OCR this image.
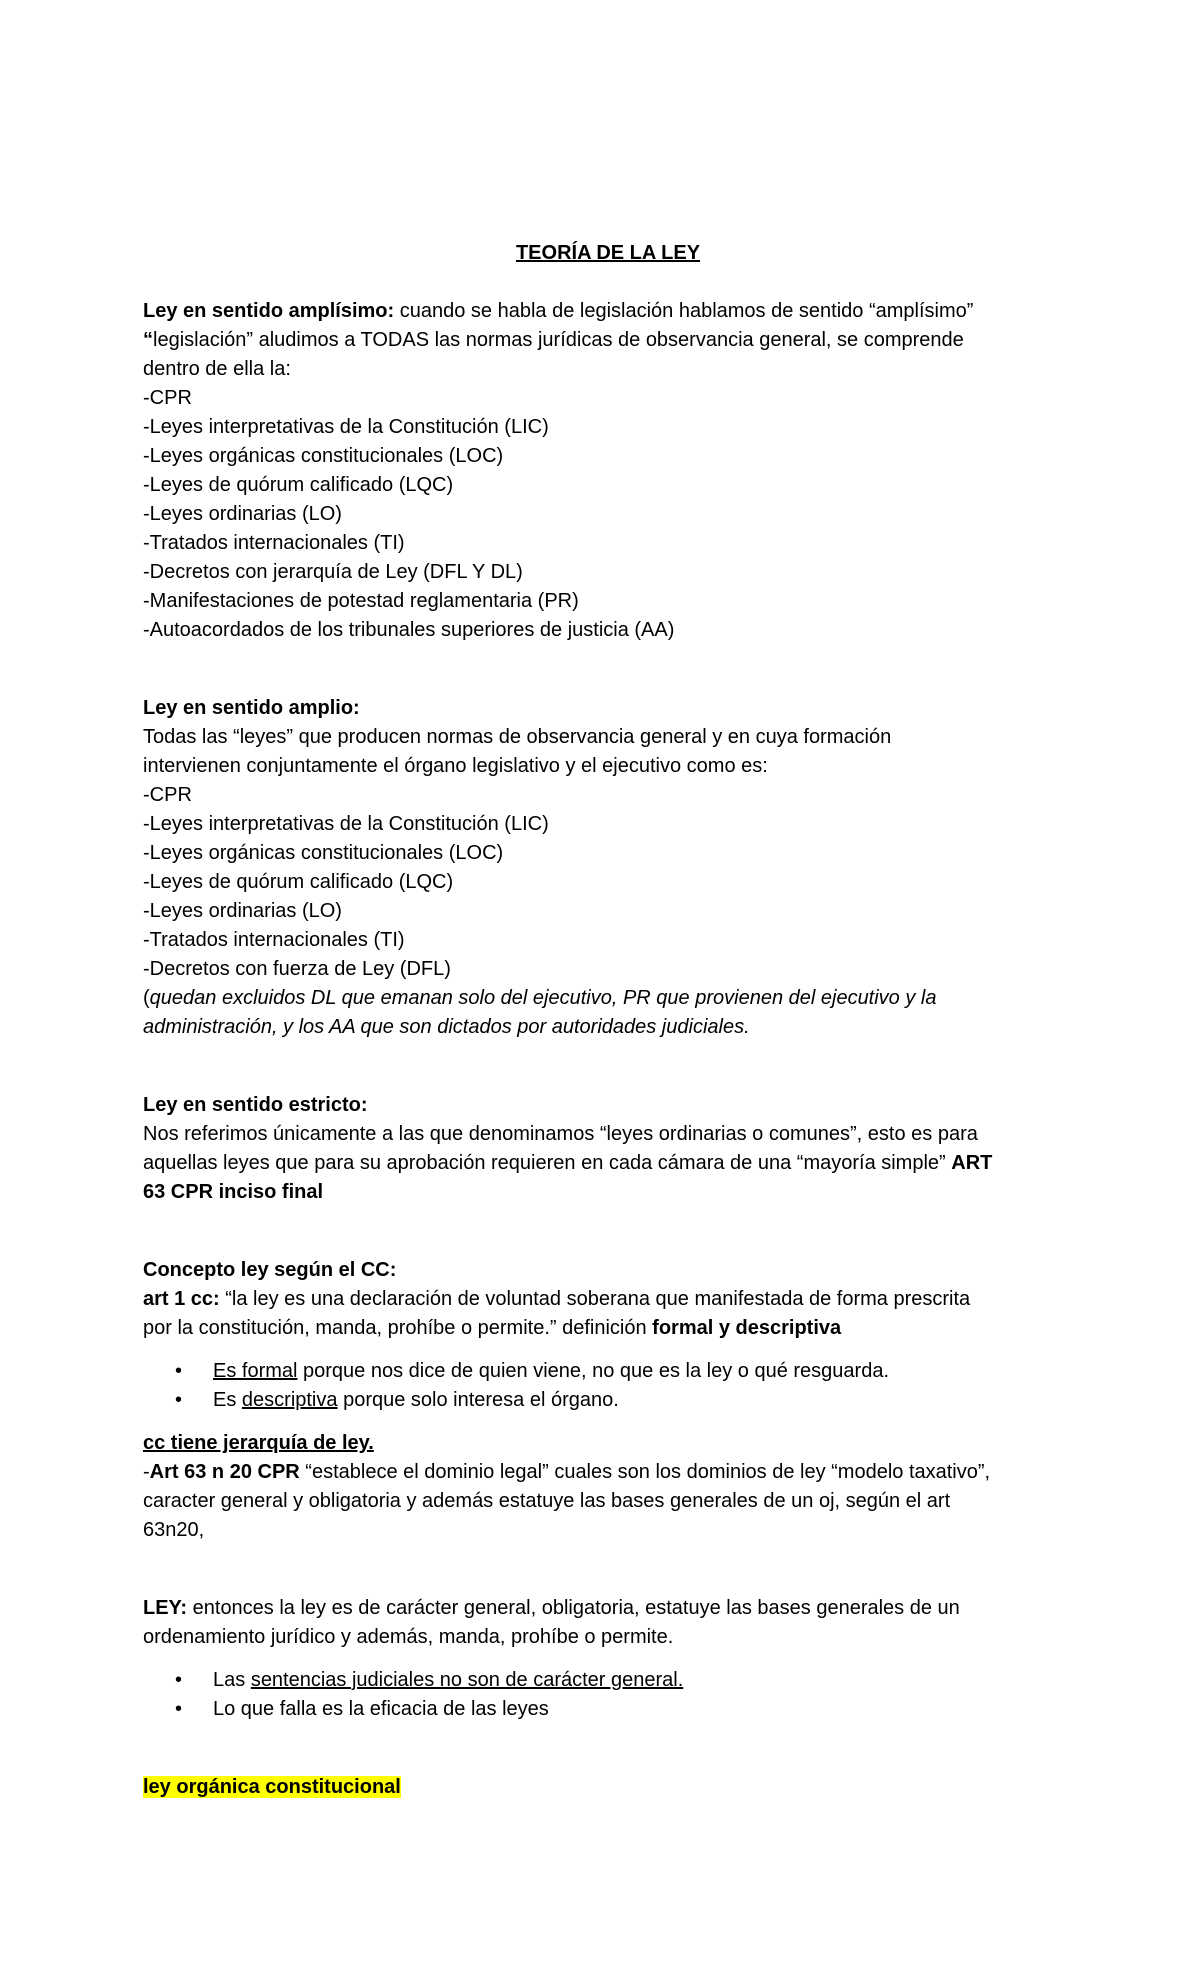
TEORÍA DE LA LEY
Ley en sentido amplísimo: cuando se habla de legislación hablamos de sentido “amplísimo”
“legislación” aludimos a TODAS las normas jurídicas de observancia general, se comprende
dentro de ella la:
-CPR
-Leyes interpretativas de la Constitución (LIC)
-Leyes orgánicas constitucionales (LOC)
-Leyes de quórum calificado (LQC)
-Leyes ordinarias (LO)
-Tratados internacionales (TI)
-Decretos con jerarquía de Ley (DFL Y DL)
-Manifestaciones de potestad reglamentaria (PR)
-Autoacordados de los tribunales superiores de justicia (AA)
Ley en sentido amplio:
Todas las “leyes” que producen normas de observancia general y en cuya formación
intervienen conjuntamente el órgano legislativo y el ejecutivo como es:
-CPR
-Leyes interpretativas de la Constitución (LIC)
-Leyes orgánicas constitucionales (LOC)
-Leyes de quórum calificado (LQC)
-Leyes ordinarias (LO)
-Tratados internacionales (TI)
-Decretos con fuerza de Ley (DFL)
(quedan excluidos DL que emanan solo del ejecutivo, PR que provienen del ejecutivo y la
administración, y los AA que son dictados por autoridades judiciales.
Ley en sentido estricto:
Nos referimos únicamente a las que denominamos “leyes ordinarias o comunes”, esto es para
aquellas leyes que para su aprobación requieren en cada cámara de una “mayoría simple” ART
63 CPR inciso final
Concepto ley según el CC:
art 1 cc: “la ley es una declaración de voluntad soberana que manifestada de forma prescrita
por la constitución, manda, prohíbe o permite.” definición formal y descriptiva
• Es formal porque nos dice de quien viene, no que es la ley o qué resguarda.
• Es descriptiva porque solo interesa el órgano.
cc tiene jerarquía de ley.
-Art 63 n 20 CPR “establece el dominio legal” cuales son los dominios de ley “modelo taxativo”,
caracter general y obligatoria y además estatuye las bases generales de un oj, según el art
63n20,
LEY: entonces la ley es de carácter general, obligatoria, estatuye las bases generales de un
ordenamiento jurídico y además, manda, prohíbe o permite.
• Las sentencias judiciales no son de carácter general.
• Lo que falla es la eficacia de las leyes
ley orgánica constitucional
